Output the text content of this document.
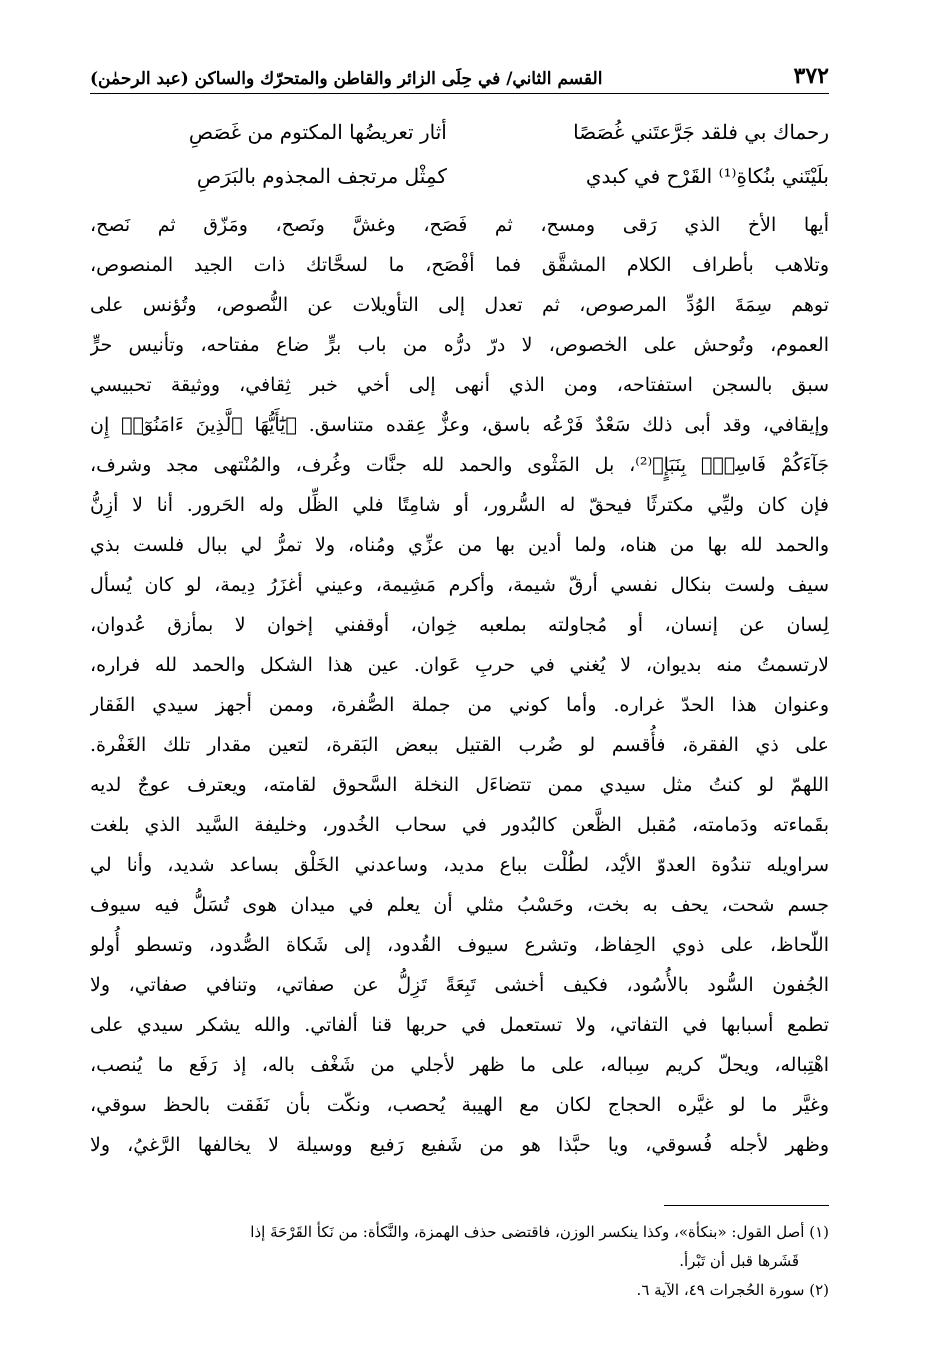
٣٧٢
القسم الثاني/ في حِلَى الزائر والقاطن والمتحرّك والساكن (عبد الرحمٰن)
رحماك بي فلقد جَرَّعتَني غُصَصًا
أثار تعريضُها المكتوم من غَصَصِ
بلَيْتَني بنُكاةِ⁽¹⁾ القَرْح في كبدي
كمِثْل مرتجف المجذوم بالبَرَصِ
أيها الأخ الذي رَقى ومسح، ثم فَصَح، وغشَّ ونَصح، ومَزّق ثم نَصح،
وتلاهب بأطراف الكلام المشقَّق فما أفْصَح، ما لسحَّاتك ذات الجيد المنصوص،
توهم سِمَةَ الوُدِّ المرصوص، ثم تعدل إلى التأويلات عن النُّصوص، وتُؤنس على
العموم، وتُوحش على الخصوص، لا درّ درُّه من باب برٍّ ضاع مفتاحه، وتأنيس حرٍّ
سبق بالسجن استفتاحه، ومن الذي أنهى إلى أخي خبر ثِقافي، ووثيقة تحبيسي
وإيقافي، وقد أبى ذلك سَعْدٌ فَرْعُه باسق، وعزٌّ عِقده متناسق. ﴿يَٰٓأَيُّهَا ٱلَّذِينَ ءَامَنُوٓا۟ إِن
جَآءَكُمْ فَاسِقٌۢ بِنَبَإٍ﴾⁽²⁾، بل المَثْوى والحمد لله جنَّات وغُرف، والمُنْتهى مجد وشرف،
فإن كان وليِّي مكترثًا فيحقّ له السُّرور، أو شامِتًا فلي الظِّل وله الحَرور. أنا لا أزِنُّ
والحمد لله بها من هناه، ولما أدين بها من عزِّي ومُناه، ولا تمرُّ لي ببال فلست بذي
سيف ولست بنكال نفسي أرقّ شيمة، وأكرم مَشِيمة، وعيني أغزَرُ دِيمة، لو كان يُسأل
لِسان عن إنسان، أو مُجاولته بملعبه خِوان، أوقفني إخوان لا بمأزق عُدوان،
لارتسمتُ منه بديوان، لا يُغني في حربِ عَوان. عين هذا الشكل والحمد لله فراره،
وعنوان هذا الحدّ غراره. وأما كوني من جملة الصُّفرة، وممن أجهز سيدي الفَقار
على ذي الفقرة، فأُقسم لو ضُرب القتيل ببعض البَقرة، لتعين مقدار تلك الغَفْرة.
اللهمّ لو كنتُ مثل سيدي ممن تتضاءَل النخلة السَّحوق لقامته، ويعترف عوجٌ لديه
بقَماءته ودَمامته، مُقبل الظَّعن كالبُدور في سحاب الخُدور، وخليفة السَّيد الذي بلغت
سراويله تندُوة العدوّ الأيْد، لطُلْت بباع مديد، وساعدني الخَلْق بساعد شديد، وأنا لي
جسم شحت، يحف به بخت، وحَسْبُ مثلي أن يعلم في ميدان هوى تُسَلُّ فيه سيوف
اللّحاظ، على ذوي الحِفاظ، وتشرع سيوف القُدود، إلى شَكاة الصُّدود، وتسطو أُولو
الجُفون السُّود بالأُسُود، فكيف أخشى تَبِعَةً تَزِلُّ عن صفاتي، وتنافي صفاتي، ولا
تطمع أسبابها في التفاتي، ولا تستعمل في حربها قنا ألفاتي. والله يشكر سيدي على
اهْتِباله، ويحلّ كريم سِباله، على ما ظهر لأجلي من شَغْف باله، إذ رَفَع ما يُنصب،
وغيَّر ما لو غيَّره الحجاج لكان مع الهيبة يُحصب، ونكّت بأن نَفَقت بالحظ سوقي،
وظهر لأجله فُسوقي، ويا حبَّذا هو من شَفيع رَفيع ووسيلة لا يخالفها الرَّغيُ، ولا
(١) أصل القول: «بنكأة»، وكذا ينكسر الوزن، فاقتضى حذف الهمزة، والنَّكأة: من نَكأ القَرْحَةَ إذا
قَشَرها قبل أن تَبْرأ.
(٢) سورة الحُجرات ٤٩، الآية ٦.
